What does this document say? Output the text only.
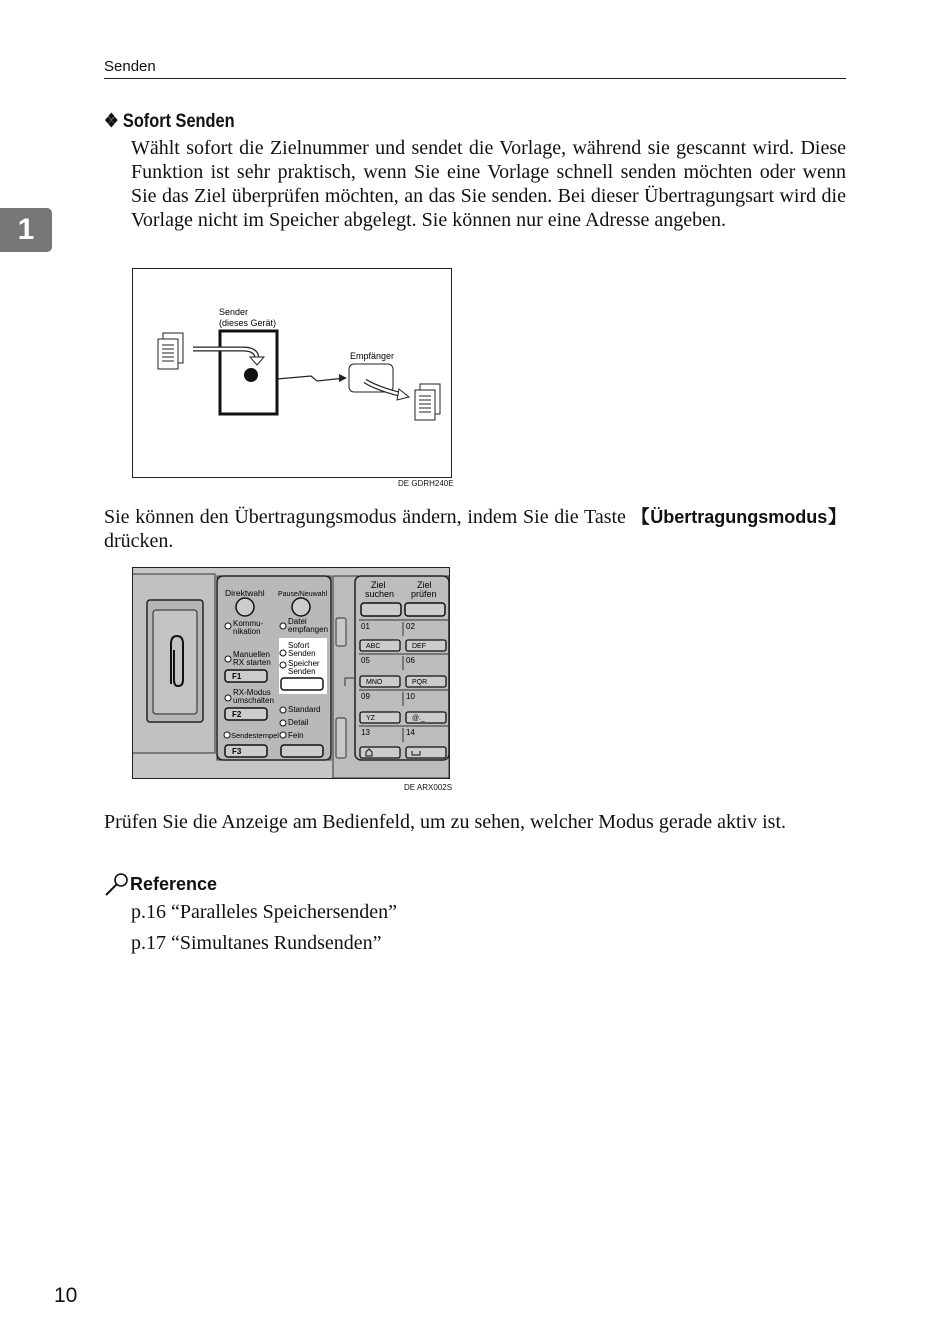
Senden
1
❖ Sofort Senden
Wählt sofort die Zielnummer und sendet die Vorlage, während sie gescannt wird. Diese Funktion ist sehr praktisch, wenn Sie eine Vorlage schnell senden möchten oder wenn Sie das Ziel überprüfen möchten, an das Sie senden. Bei dieser Übertragungsart wird die Vorlage nicht im Speicher abgelegt. Sie können nur eine Adresse angeben.
Sender
(dieses Gerät)
Empfänger
DE GDRH240E
Sie können den Übertragungsmodus ändern, indem Sie die Taste 【Übertragungsmodus】 drücken.
Direktwahl Pause/Neuwahl
Kommu-
nikation
Datei
empfangen
Manuellen
RX starten
Sofort
Senden
Speicher
Senden
F1
RX-Modus
umschalten
F2
Standard
Detail
Sendestempel Fein
F3
Ziel
suchen
Ziel
prüfen
01	02
ABC	DEF
05	06
MNO	PQR
09	10
YZ	@._
13	14
DE ARX002S
Prüfen Sie die Anzeige am Bedienfeld, um zu sehen, welcher Modus gerade aktiv ist.
Reference
p.16 “Paralleles Speichersenden”
p.17 “Simultanes Rundsenden”
10
